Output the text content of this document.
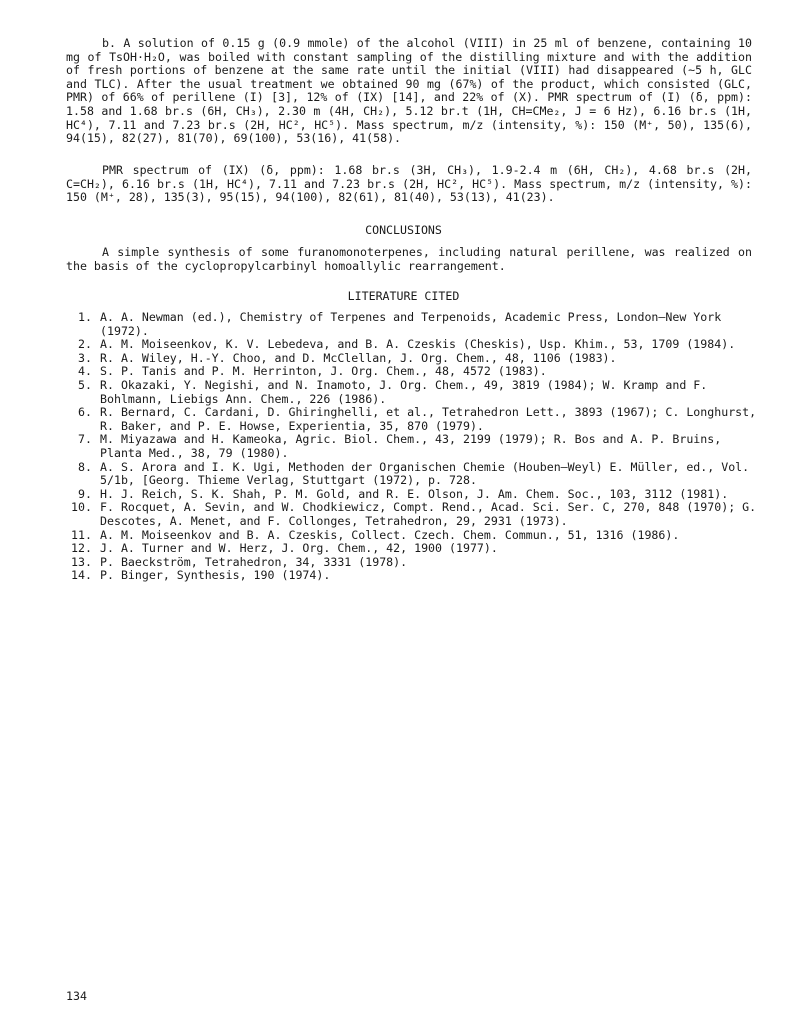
b. A solution of 0.15 g (0.9 mmole) of the alcohol (VIII) in 25 ml of benzene, containing 10 mg of TsOH·H₂O, was boiled with constant sampling of the distilling mixture and with the addition of fresh portions of benzene at the same rate until the initial (VIII) had disappeared (~5 h, GLC and TLC). After the usual treatment we obtained 90 mg (67%) of the product, which consisted (GLC, PMR) of 66% of perillene (I) [3], 12% of (IX) [14], and 22% of (X). PMR spectrum of (I) (δ, ppm): 1.58 and 1.68 br.s (6H, CH₃), 2.30 m (4H, CH₂), 5.12 br.t (1H, CH=CMe₂, J = 6 Hz), 6.16 br.s (1H, HC⁴), 7.11 and 7.23 br.s (2H, HC², HC⁵). Mass spectrum, m/z (intensity, %): 150 (M⁺, 50), 135(6), 94(15), 82(27), 81(70), 69(100), 53(16), 41(58).

PMR spectrum of (IX) (δ, ppm): 1.68 br.s (3H, CH₃), 1.9-2.4 m (6H, CH₂), 4.68 br.s (2H, C=CH₂), 6.16 br.s (1H, HC⁴), 7.11 and 7.23 br.s (2H, HC², HC⁵). Mass spectrum, m/z (intensity, %): 150 (M⁺, 28), 135(3), 95(15), 94(100), 82(61), 81(40), 53(13), 41(23).

CONCLUSIONS

A simple synthesis of some furanomonoterpenes, including natural perillene, was realized on the basis of the cyclopropylcarbinyl homoallylic rearrangement.

LITERATURE CITED
1. A. A. Newman (ed.), Chemistry of Terpenes and Terpenoids, Academic Press, London–New York (1972).
2. A. M. Moiseenkov, K. V. Lebedeva, and B. A. Czeskis (Cheskis), Usp. Khim., 53, 1709 (1984).
3. R. A. Wiley, H.-Y. Choo, and D. McClellan, J. Org. Chem., 48, 1106 (1983).
4. S. P. Tanis and P. M. Herrinton, J. Org. Chem., 48, 4572 (1983).
5. R. Okazaki, Y. Negishi, and N. Inamoto, J. Org. Chem., 49, 3819 (1984); W. Kramp and F. Bohlmann, Liebigs Ann. Chem., 226 (1986).
6. R. Bernard, C. Cardani, D. Ghiringhelli, et al., Tetrahedron Lett., 3893 (1967); C. Longhurst, R. Baker, and P. E. Howse, Experientia, 35, 870 (1979).
7. M. Miyazawa and H. Kameoka, Agric. Biol. Chem., 43, 2199 (1979); R. Bos and A. P. Bruins, Planta Med., 38, 79 (1980).
8. A. S. Arora and I. K. Ugi, Methoden der Organischen Chemie (Houben–Weyl) E. Müller, ed., Vol. 5/1b, [Georg. Thieme Verlag, Stuttgart (1972), p. 728.
9. H. J. Reich, S. K. Shah, P. M. Gold, and R. E. Olson, J. Am. Chem. Soc., 103, 3112 (1981).
10. F. Rocquet, A. Sevin, and W. Chodkiewicz, Compt. Rend., Acad. Sci. Ser. C, 270, 848 (1970); G. Descotes, A. Menet, and F. Collonges, Tetrahedron, 29, 2931 (1973).
11. A. M. Moiseenkov and B. A. Czeskis, Collect. Czech. Chem. Commun., 51, 1316 (1986).
12. J. A. Turner and W. Herz, J. Org. Chem., 42, 1900 (1977).
13. P. Baeckström, Tetrahedron, 34, 3331 (1978).
14. P. Binger, Synthesis, 190 (1974).
134
